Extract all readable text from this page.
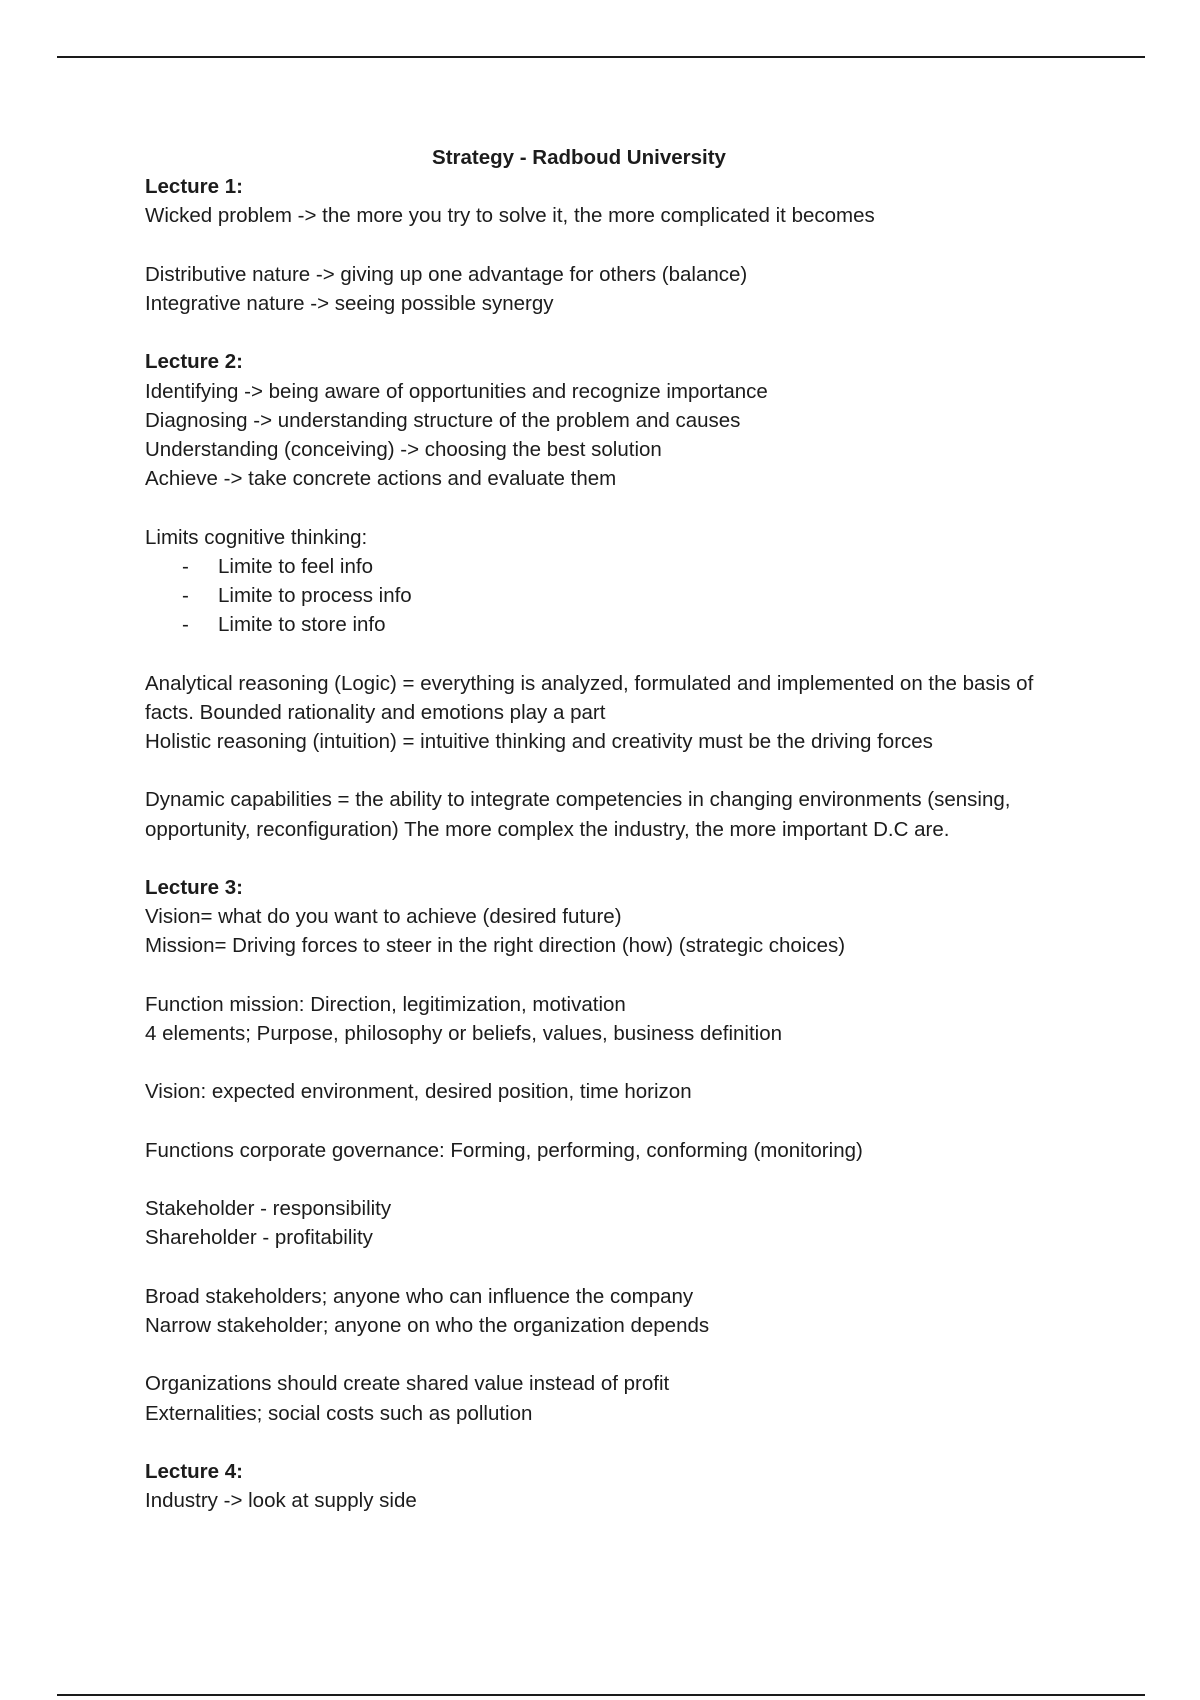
Strategy - Radboud University
Lecture 1:
Wicked problem -> the more you try to solve it, the more complicated it becomes
Distributive nature -> giving up one advantage for others (balance)
Integrative nature -> seeing possible synergy
Lecture 2:
Identifying -> being aware of opportunities and recognize importance
Diagnosing -> understanding structure of the problem and causes
Understanding (conceiving) -> choosing the best solution
Achieve -> take concrete actions and evaluate them
Limits cognitive thinking:
- Limite to feel info
- Limite to process info
- Limite to store info
Analytical reasoning (Logic) = everything is analyzed, formulated and implemented on the basis of facts. Bounded rationality and emotions play a part
Holistic reasoning (intuition) = intuitive thinking and creativity must be the driving forces
Dynamic capabilities = the ability to integrate competencies in changing environments (sensing, opportunity, reconfiguration) The more complex the industry, the more important D.C are.
Lecture 3:
Vision= what do you want to achieve (desired future)
Mission= Driving forces to steer in the right direction (how) (strategic choices)
Function mission: Direction, legitimization, motivation
4 elements; Purpose, philosophy or beliefs, values, business definition
Vision: expected environment, desired position, time horizon
Functions corporate governance: Forming, performing, conforming (monitoring)
Stakeholder - responsibility
Shareholder - profitability
Broad stakeholders; anyone who can influence the company
Narrow stakeholder; anyone on who the organization depends
Organizations should create shared value instead of profit
Externalities; social costs such as pollution
Lecture 4:
Industry -> look at supply side
